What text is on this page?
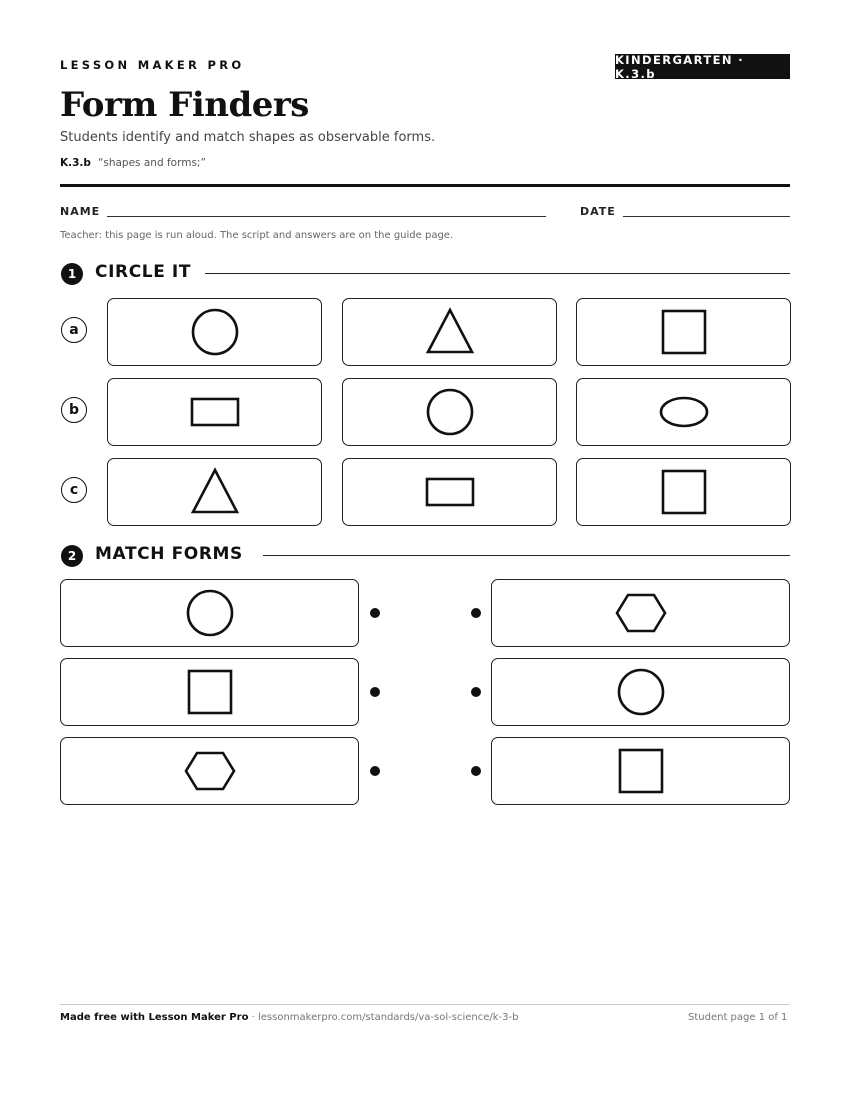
LESSON MAKER PRO	KINDERGARTEN · K.3.b
Form Finders
Students identify and match shapes as observable forms.
K.3.b “shapes and forms;”
NAME	DATE
Teacher: this page is run aloud. The script and answers are on the guide page.
1	CIRCLE IT
a
b
c
2	MATCH FORMS
Made free with Lesson Maker Pro · lessonmakerpro.com/standards/va-sol-science/k-3-b	Student page 1 of 1
